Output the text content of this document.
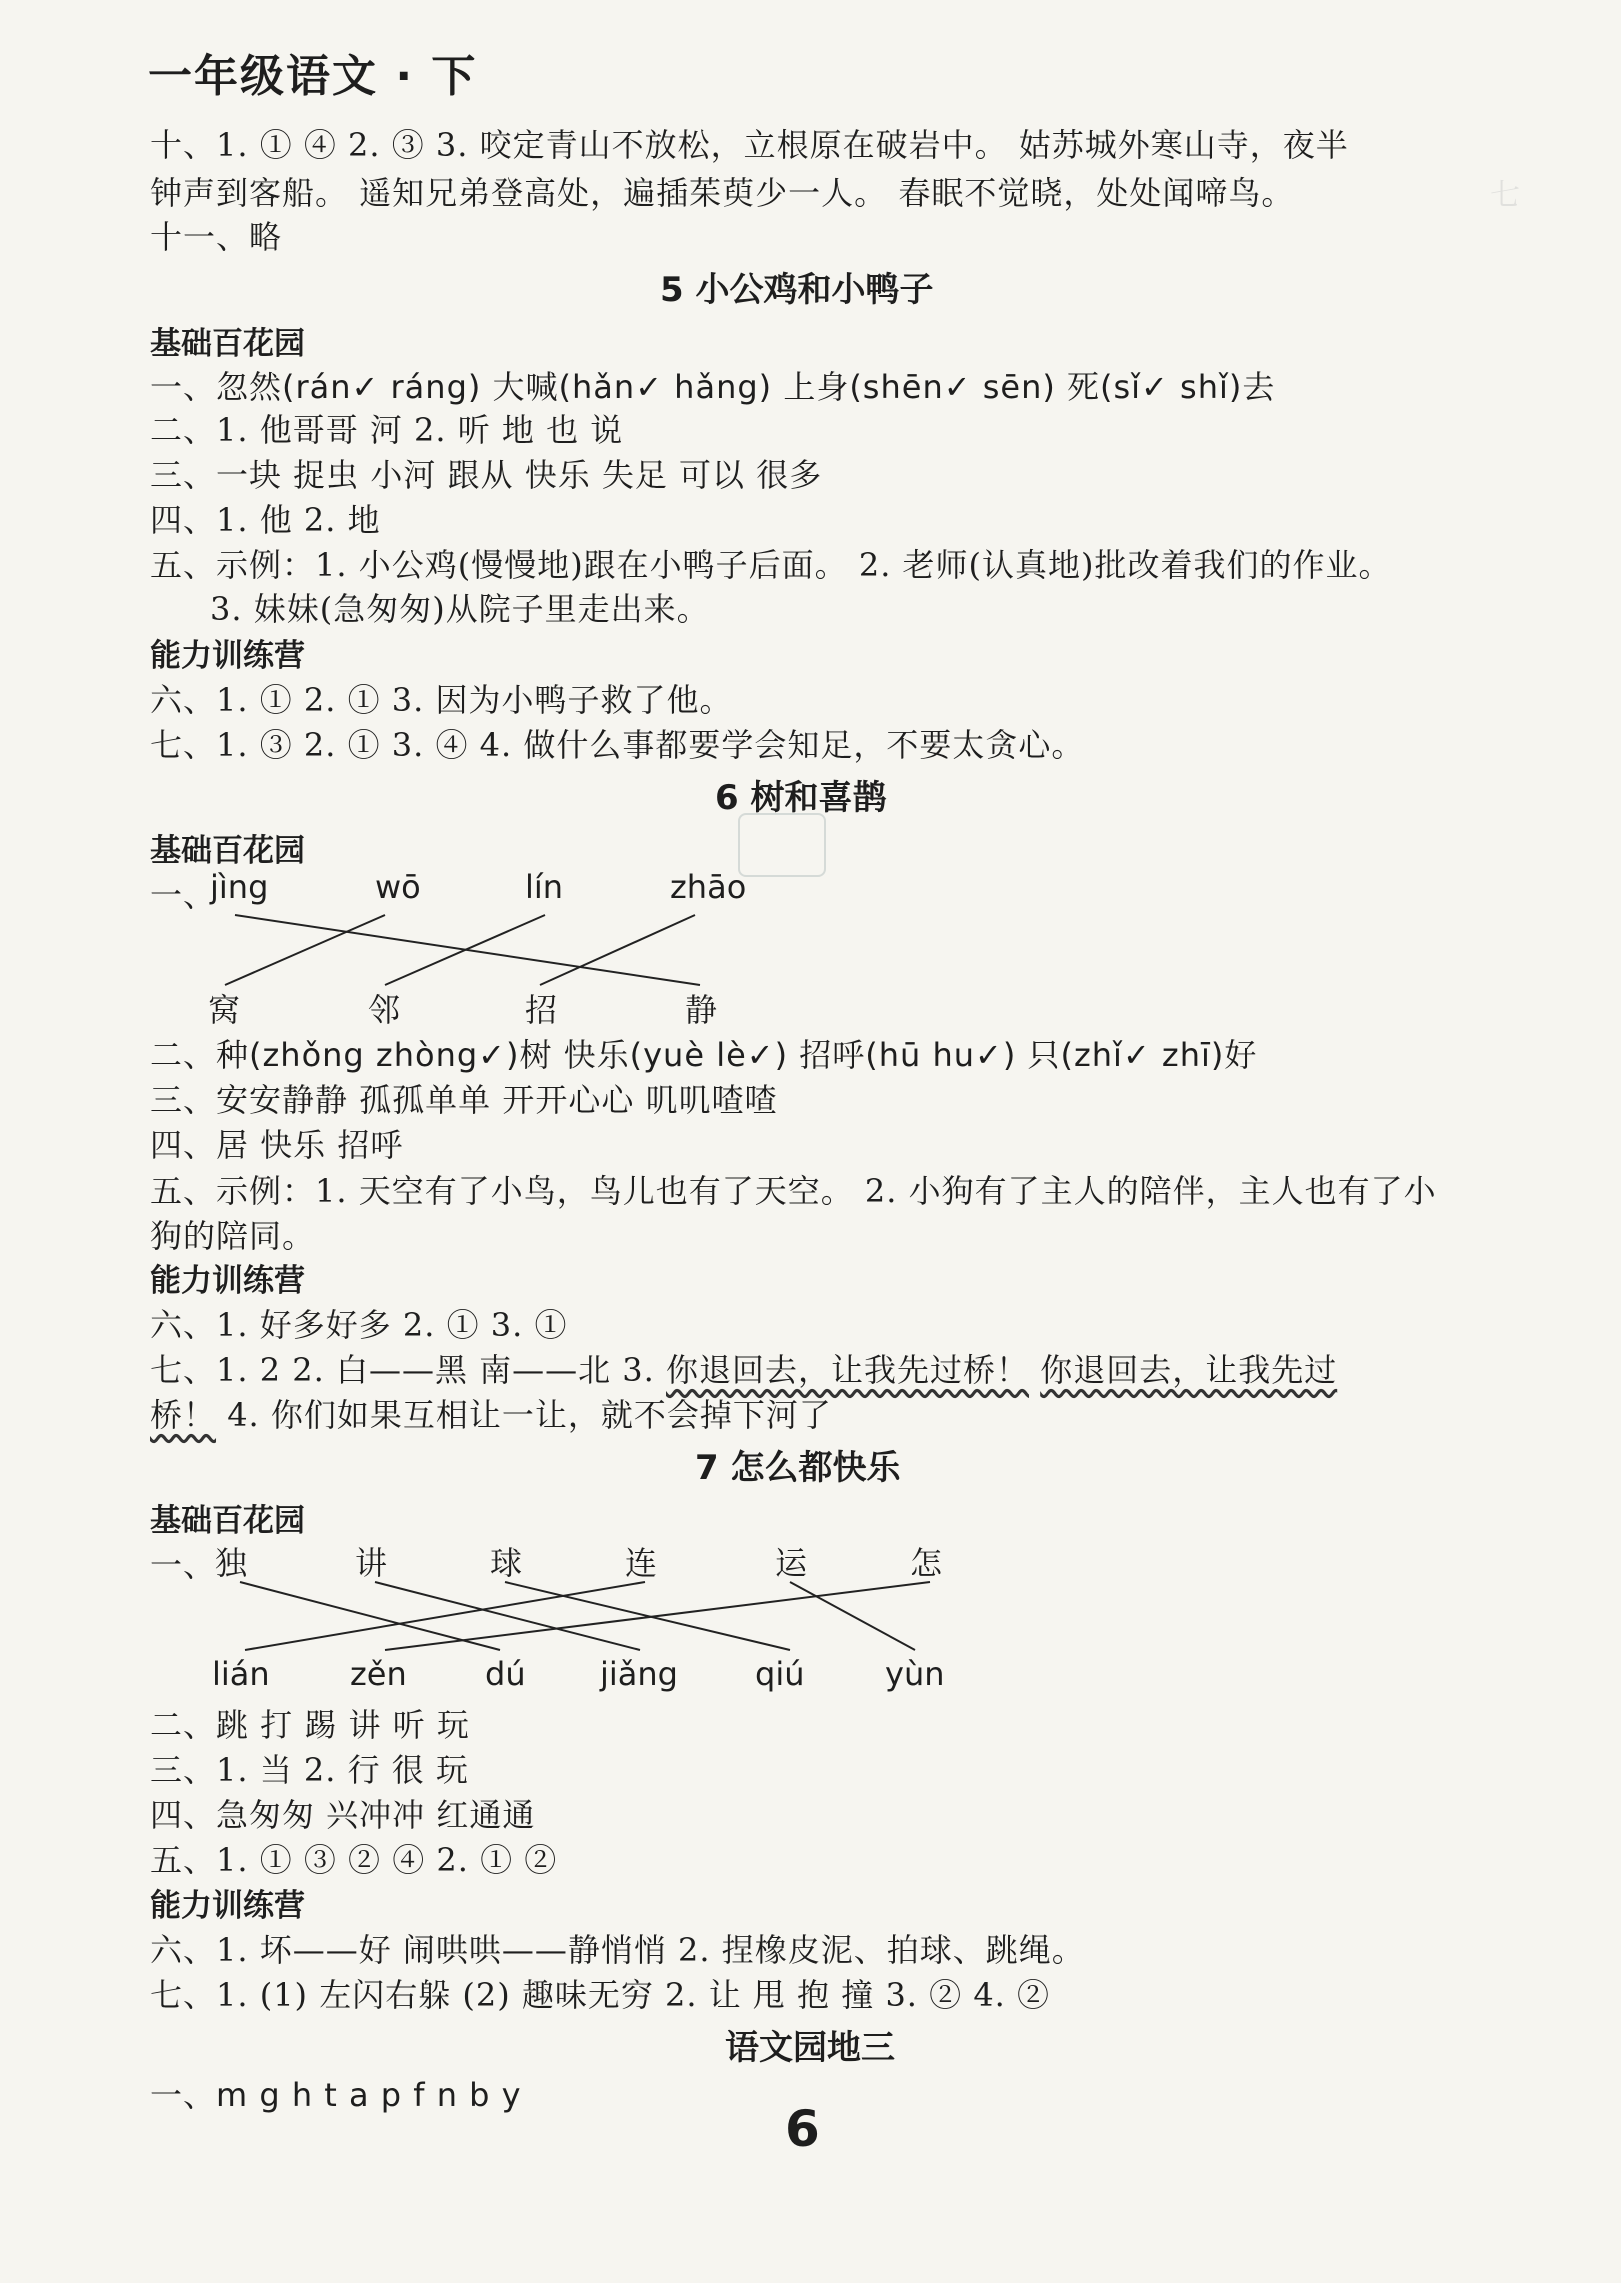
一年级语文 · 下
七
十、1. ① ④ 2. ③ 3. 咬定青山不放松，立根原在破岩中。 姑苏城外寒山寺，夜半
钟声到客船。 遥知兄弟登高处，遍插茱萸少一人。 春眠不觉晓，处处闻啼鸟。
十一、略
5 小公鸡和小鸭子
基础百花园
一、忽然(rán✓ ráng) 大喊(hǎn✓ hǎng) 上身(shēn✓ sēn) 死(sǐ✓ shǐ)去
二、1. 他哥哥 河 2. 听 地 也 说
三、一块 捉虫 小河 跟从 快乐 失足 可以 很多
四、1. 他 2. 地
五、示例：1. 小公鸡(慢慢地)跟在小鸭子后面。 2. 老师(认真地)批改着我们的作业。
3. 妹妹(急匆匆)从院子里走出来。
能力训练营
六、1. ① 2. ① 3. 因为小鸭子救了他。
七、1. ③ 2. ① 3. ④ 4. 做什么事都要学会知足，不要太贪心。
6 树和喜鹊
基础百花园
一、
jìng	wō	lín	zhāo
窝	邻	招	静
二、种(zhǒng zhòng✓)树 快乐(yuè lè✓) 招呼(hū hu✓) 只(zhǐ✓ zhī)好
三、安安静静 孤孤单单 开开心心 叽叽喳喳
四、居 快乐 招呼
五、示例：1. 天空有了小鸟，鸟儿也有了天空。 2. 小狗有了主人的陪伴，主人也有了小
狗的陪同。
能力训练营
六、1. 好多好多 2. ① 3. ①
七、1. 2 2. 白——黑 南——北 3. 你退回去，让我先过桥！ 你退回去，让我先过
桥！ 4. 你们如果互相让一让，就不会掉下河了
7 怎么都快乐
基础百花园
一、
独	讲	球	连	运	怎
lián	zěn dú jiǎng qiú	yùn
二、跳 打 踢 讲 听 玩
三、1. 当 2. 行 很 玩
四、急匆匆 兴冲冲 红通通
五、1. ① ③ ② ④ 2. ① ②
能力训练营
六、1. 坏——好 闹哄哄——静悄悄 2. 捏橡皮泥、拍球、跳绳。
七、1. (1) 左闪右躲 (2) 趣味无穷 2. 让 甩 抱 撞 3. ② 4. ②
语文园地三
一、m g h t a p f n b y
6
